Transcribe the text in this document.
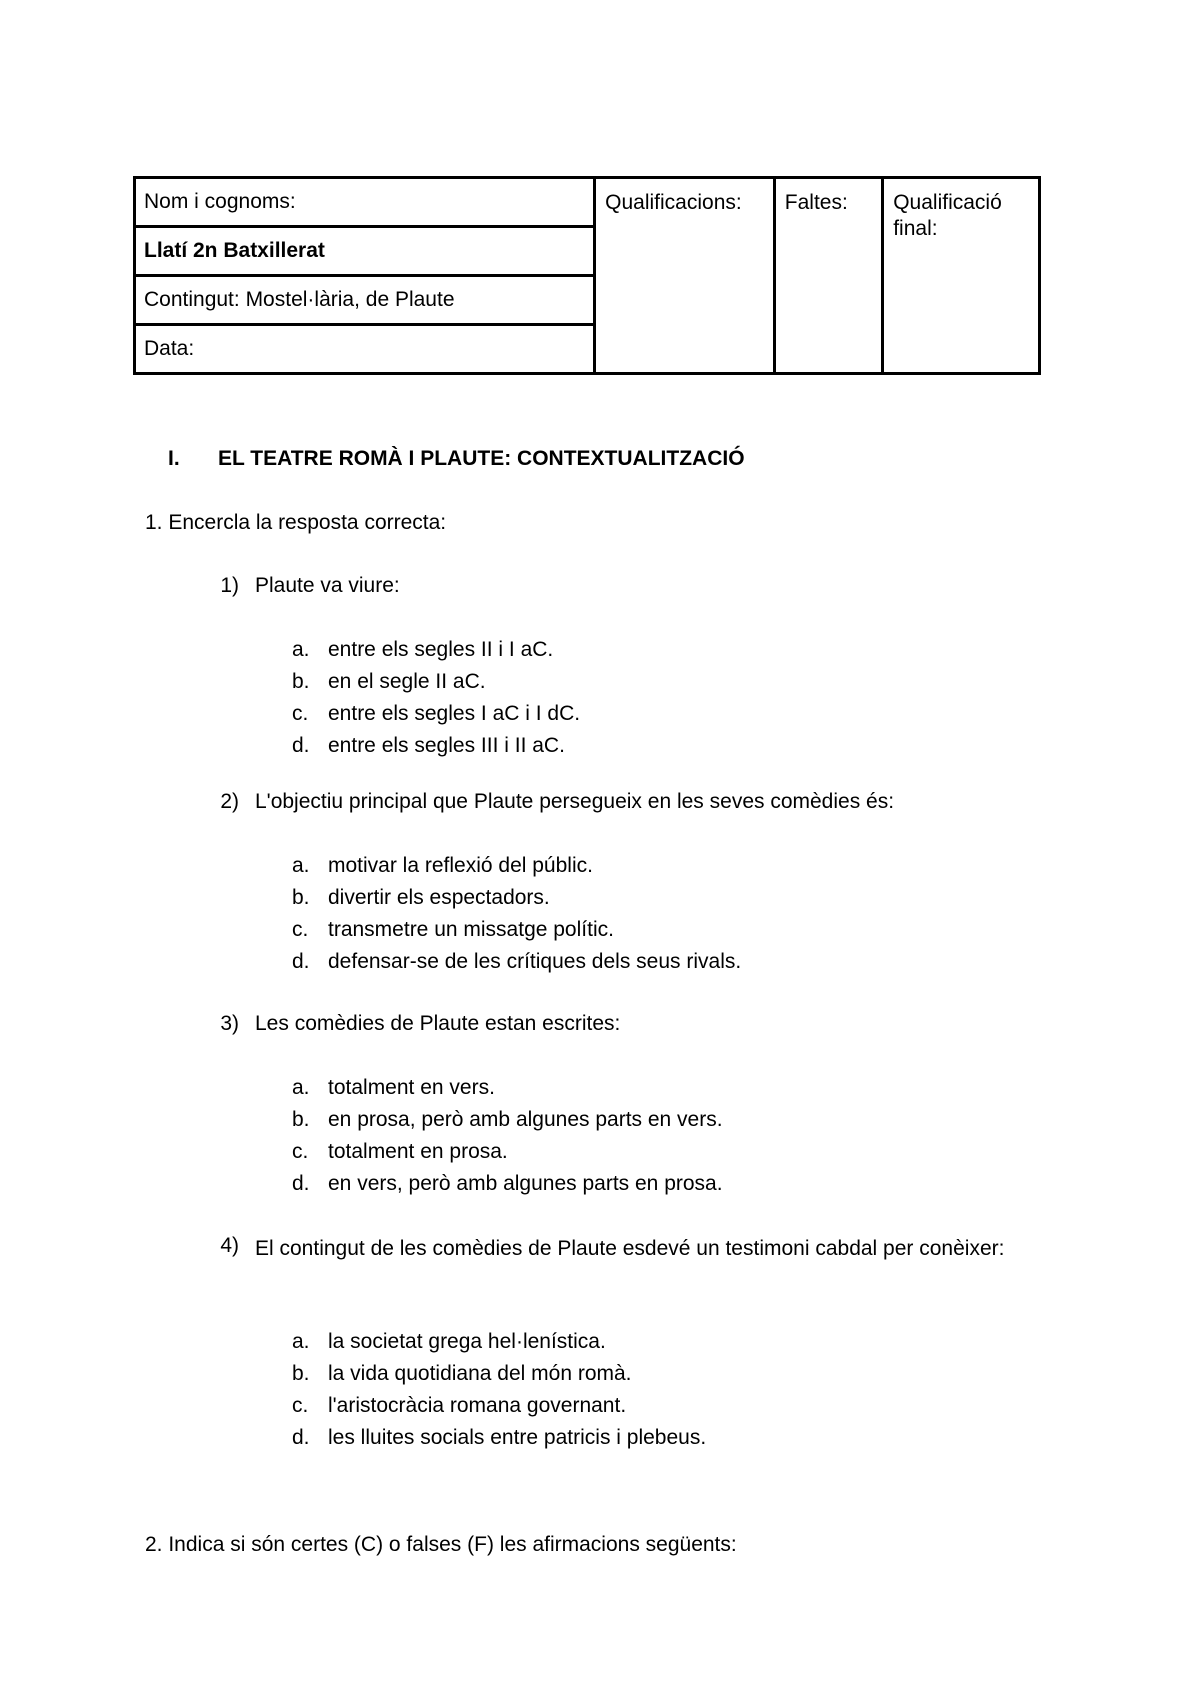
Nom i cognoms:	Qualificacions:	Faltes:	Qualificació final:

Llatí 2n Batxillerat

Contingut: Mostel·lària, de Plaute

Data:
I. EL TEATRE ROMÀ I PLAUTE: CONTEXTUALITZACIÓ
1. Encercla la resposta correcta:
1) Plaute va viure:
a. entre els segles II i I aC.
b. en el segle II aC.
c. entre els segles I aC i I dC.
d. entre els segles III i II aC.
2) L'objectiu principal que Plaute persegueix en les seves comèdies és:
a. motivar la reflexió del públic.
b. divertir els espectadors.
c. transmetre un missatge polític.
d. defensar-se de les crítiques dels seus rivals.
3) Les comèdies de Plaute estan escrites:
a. totalment en vers.
b. en prosa, però amb algunes parts en vers.
c. totalment en prosa.
d. en vers, però amb algunes parts en prosa.
4) El contingut de les comèdies de Plaute esdevé un testimoni cabdal per conèixer:
a. la societat grega hel·lenística.
b. la vida quotidiana del món romà.
c. l'aristocràcia romana governant.
d. les lluites socials entre patricis i plebeus.
2. Indica si són certes (C) o falses (F) les afirmacions següents:
